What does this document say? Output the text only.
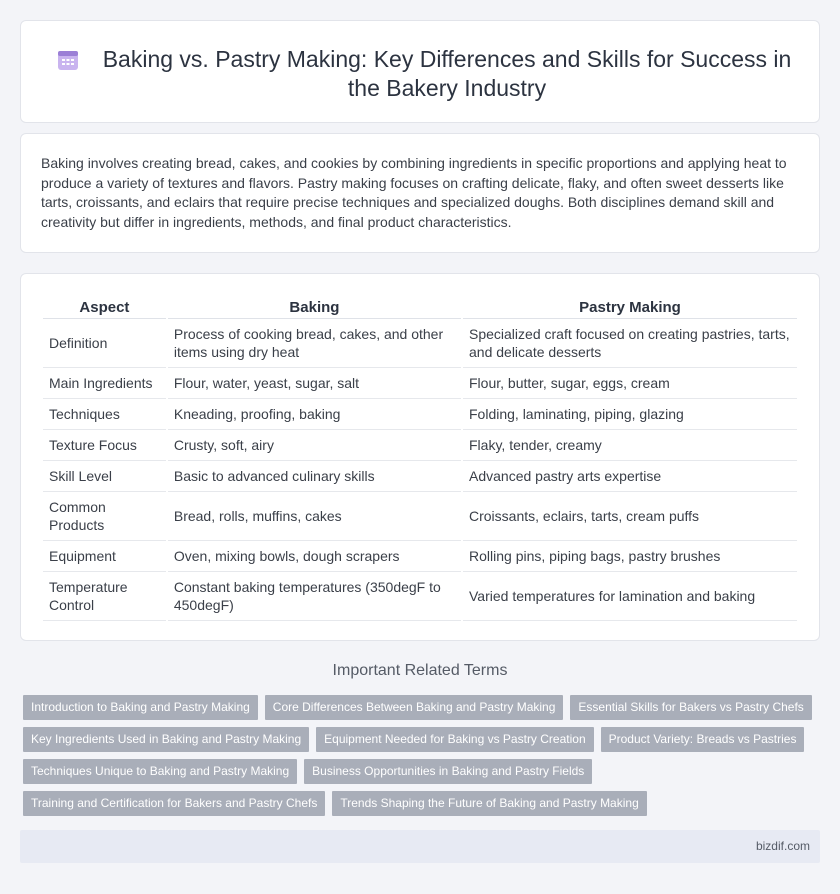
Baking vs. Pastry Making: Key Differences and Skills for Success in the Bakery Industry

Baking involves creating bread, cakes, and cookies by combining ingredients in specific proportions and applying heat to produce a variety of textures and flavors. Pastry making focuses on crafting delicate, flaky, and often sweet desserts like tarts, croissants, and eclairs that require precise techniques and specialized doughs. Both disciplines demand skill and creativity but differ in ingredients, methods, and final product characteristics.

Aspect	Baking	Pastry Making
Definition	Process of cooking bread, cakes, and other items using dry heat	Specialized craft focused on creating pastries, tarts, and delicate desserts
Main Ingredients	Flour, water, yeast, sugar, salt	Flour, butter, sugar, eggs, cream
Techniques	Kneading, proofing, baking	Folding, laminating, piping, glazing
Texture Focus	Crusty, soft, airy	Flaky, tender, creamy
Skill Level	Basic to advanced culinary skills	Advanced pastry arts expertise
Common Products	Bread, rolls, muffins, cakes	Croissants, eclairs, tarts, cream puffs
Equipment	Oven, mixing bowls, dough scrapers	Rolling pins, piping bags, pastry brushes
Temperature Control	Constant baking temperatures (350degF to 450degF)	Varied temperatures for lamination and baking
Important Related Terms
Introduction to Baking and Pastry Making	Core Differences Between Baking and Pastry Making	Essential Skills for Bakers vs Pastry Chefs
Key Ingredients Used in Baking and Pastry Making	Equipment Needed for Baking vs Pastry Creation	Product Variety: Breads vs Pastries
Techniques Unique to Baking and Pastry Making	Business Opportunities in Baking and Pastry Fields
Training and Certification for Bakers and Pastry Chefs	Trends Shaping the Future of Baking and Pastry Making
bizdif.com
